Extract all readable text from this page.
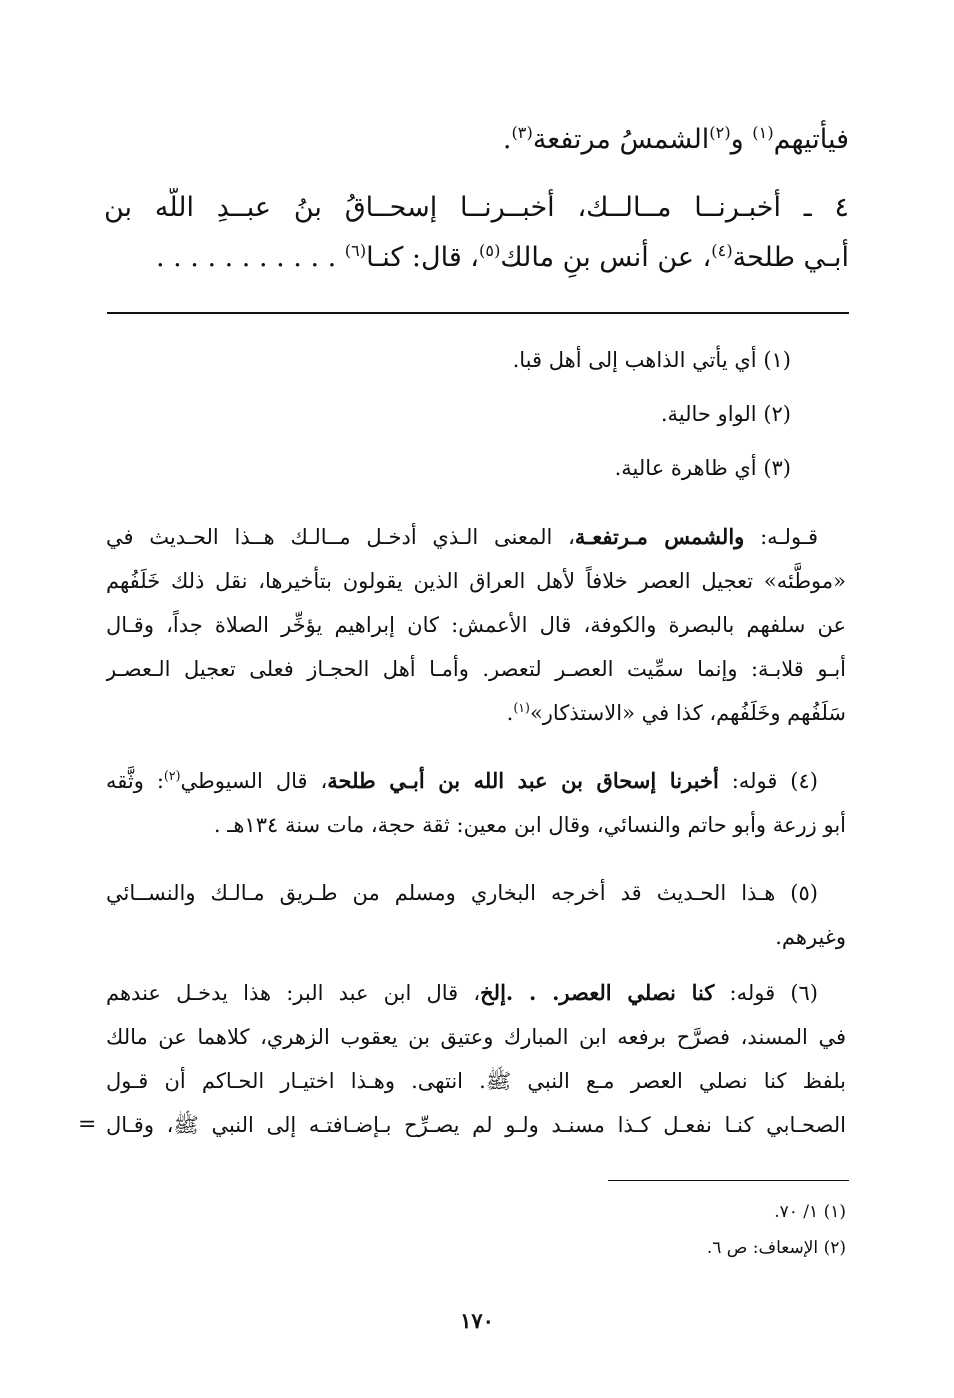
فيأتيهم$^{(١)}$ و$^{(٢)}$الشمسُ مرتفعة$^{(٣)}$.
٤ ـ أخبـرنــا مــالــك، أخبــرنــا إسحــاقُ بنُ عبــدِ اللَّه بن
أبـي طلحة$^{(٤)}$، عن أنس بنِ مالك$^{(٥)}$، قال: كنـا$^{(٦)}$ . . . . . . . . . . .
(١) أي يأتي الذاهب إلى أهل قبا.
(٢) الواو حالية.
(٣) أي ظاهرة عالية.
قـولـه: والشمس مـرتفعـة، المعنى الـذي أدخـل مــالـك هــذا الحـديث في
«موطَّئه» تعجيل العصر خلافاً لأهل العراق الذين يقولون بتأخيرها، نقل ذلك خَلَفُهم
عن سلفهم بالبصرة والكوفة، قال الأعمش: كان إبراهيم يؤخِّر الصلاة جداً، وقـال
أبـو قلابـة: وإنما سمِّيت العصـر لتعصر. وأمـا أهل الحجـاز فعلى تعجيل الـعصـر
سَلَفُهم وخَلَفُهم، كذا في «الاستذكار»$^{(١)}$.
(٤) قوله: أخبرنا إسحاق بن عبد الله بن أبـي طلحة، قال السيوطي$^{(٢)}$: وثَّقه
أبو زرعة وأبو حاتم والنسائي، وقال ابن معين: ثقة حجة، مات سنة ١٣٤هـ .
(٥) هـذا الحـديث قد أخرجه البخاري ومسلم من طـريق مـالـك والنســائي
وغيرهم.
(٦) قوله: كنا نصلي العصر. . .إلخ، قال ابن عبد البر: هذا يدخـل عندهم
في المسند، فصرَّح برفعه ابن المبارك وعتيق بن يعقوب الزهري، كلاهما عن مالك
بلفظ كنا نصلي العصر مـع النبي ﷺ. انتهى. وهـذا اختيـار الحـاكم أن قـول
الصحـابي كنـا نفعـل كـذا مسنـد ولـو لم يصـرِّح بـإضـافتـه إلى النبي ﷺ، وقـال
=
(١) ١/ ٧٠.
(٢) الإسعاف: ص ٦.
١٧٠
